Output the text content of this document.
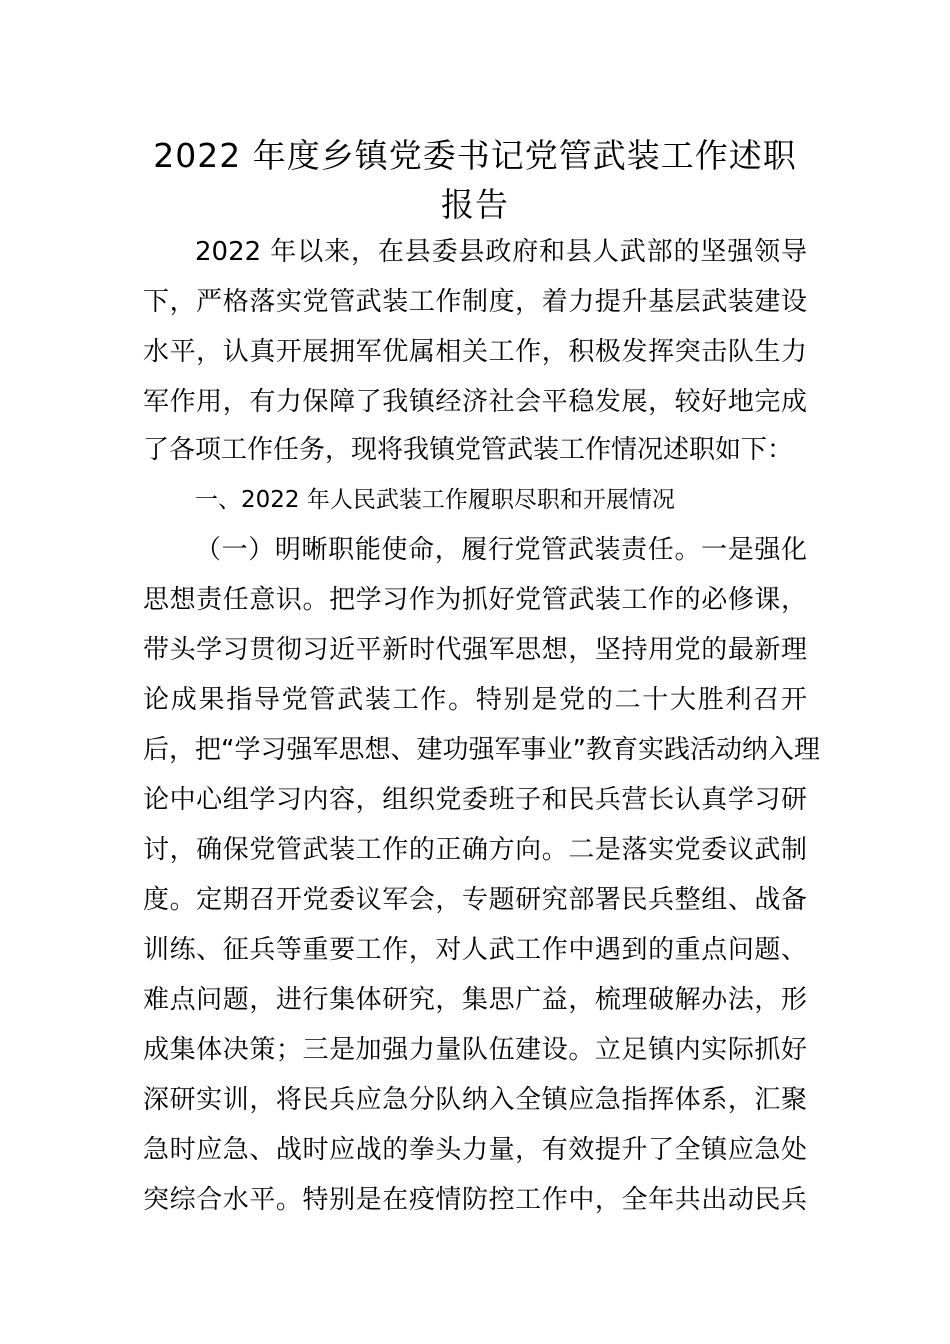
2022 年度乡镇党委书记党管武装工作述职
报告
2022 年以来，在县委县政府和县人武部的坚强领导
下，严格落实党管武装工作制度，着力提升基层武装建设
水平，认真开展拥军优属相关工作，积极发挥突击队生力
军作用，有力保障了我镇经济社会平稳发展，较好地完成
了各项工作任务，现将我镇党管武装工作情况述职如下：
一、2022 年人民武装工作履职尽职和开展情况
（一）明晰职能使命，履行党管武装责任。一是强化
思想责任意识。把学习作为抓好党管武装工作的必修课，
带头学习贯彻习近平新时代强军思想，坚持用党的最新理
论成果指导党管武装工作。特别是党的二十大胜利召开
后，把“学习强军思想、建功强军事业”教育实践活动纳入理
论中心组学习内容，组织党委班子和民兵营长认真学习研
讨，确保党管武装工作的正确方向。二是落实党委议武制
度。定期召开党委议军会，专题研究部署民兵整组、战备
训练、征兵等重要工作，对人武工作中遇到的重点问题、
难点问题，进行集体研究，集思广益，梳理破解办法，形
成集体决策；三是加强力量队伍建设。立足镇内实际抓好
深研实训，将民兵应急分队纳入全镇应急指挥体系，汇聚
急时应急、战时应战的拳头力量，有效提升了全镇应急处
突综合水平。特别是在疫情防控工作中，全年共出动民兵
